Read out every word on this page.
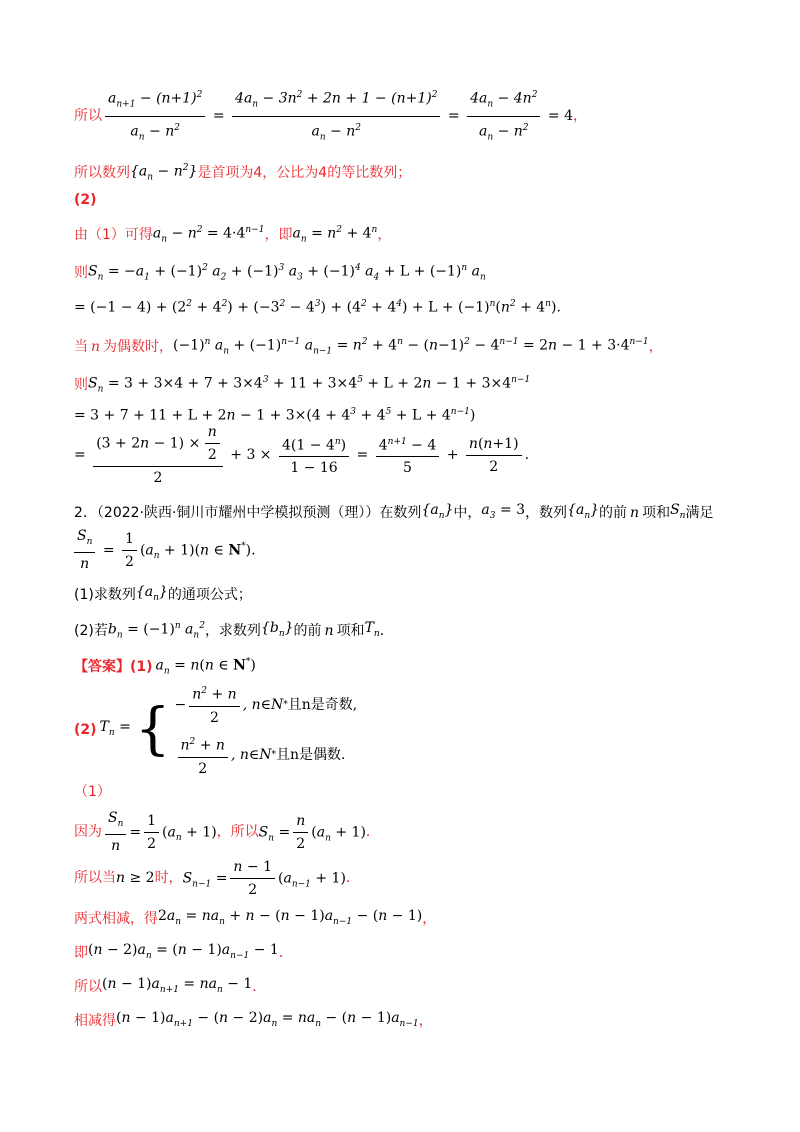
所以 $\frac{a_{n+1} - (n+1)^2}{a_n - n^2} = \frac{4a_n - 3n^2 + 2n + 1 - (n+1)^2}{a_n - n^2} = \frac{4a_n - 4n^2}{a_n - n^2} = 4$ ，
所以数列 $\{a_n - n^2\}$ 是首项为4，公比为4的等比数列；
(2)
由（1）可得 $a_n - n^2 = 4\cdot 4^{n-1}$ ，即 $a_n = n^2 + 4^n$ ，
则 $S_n = -a_1 + (-1)^2$ $a_2 + (-1)^3$ $a_3 + (-1)^4$ $a_4 + L + (-1)^n$ $a_n$
= $(-1 - 4) + (2^2 + 4^2) + (-3^2 - 4^3) + (4^2 + 4^4) + L + (-1)^n(n^2 + 4^n)$.
当 n 为偶数时， $(-1)^n$ $a_n + (-1)^{n-1}$ $a_{n-1} = n^2 + 4^n - (n-1)^2 - 4^{n-1} = 2n - 1 + 3\cdot 4^{n-1}$ ，
则 $S_n = 3 + 3\times 4 + 7 + 3\times 4^3 + 11 + 3\times 4^5 + L + 2n - 1 + 3\times 4^{n-1}$
= $3 + 7 + 11 + L + 2n - 1 + 3\times(4 + 4^3 + 4^5 + L + 4^{n-1})$
= $\frac{(3 + 2n - 1) \times \frac{n}{2}}{2} + 3 \times \frac{4(1 - 4^n)}{1 - 16} = \frac{4^{n+1} - 4}{5} + \frac{n(n+1)}{2}$ .
2．（2022·陕西·铜川市耀州中学模拟预测（理））在数列 $\{a_n\}$ 中， $a_3 = 3$ ，数列 $\{a_n\}$ 的前 n 项和 $S_n$ 满足
$\frac{S_n}{n} = \frac{1}{2} (a_n + 1)(n$ ∈ N*).
(1)求数列 $\{a_n\}$ 的通项公式；
(2)若 $b_n = (-1)^n$ $a_n^2$ ，求数列 $\{b_n\}$ 的前 n 项和 $T_n$ ．
【答案】 (1) $a_n = n(n$ ∈ N*)
(2) $T_n$ = { − $\frac{n^2 + n}{2}$ , n ∈ N * 且n是奇数,
$\frac{n^2 + n}{2}$ , n ∈ N * 且n是偶数.
（1）
因为 $\frac{S_n}{n} = \frac{1}{2} (a_n + 1)$ ，所以 $S_n = \frac{n}{2} (a_n + 1)$ ．
所以当 n ≥ 2 时， $S_{n-1} = \frac{n - 1}{2} (a_{n-1} + 1)$ ．
两式相减，得 $2a_n = na_n + n - (n - 1)a_{n-1} - (n - 1)$ ，
即 $(n - 2)a_n = (n - 1)a_{n-1} - 1$ ．
所以 $(n - 1)a_{n+1} = na_n - 1$ ．
相减得 $(n - 1)a_{n+1} - (n - 2)a_n = na_n - (n - 1)a_{n-1}$ ，
